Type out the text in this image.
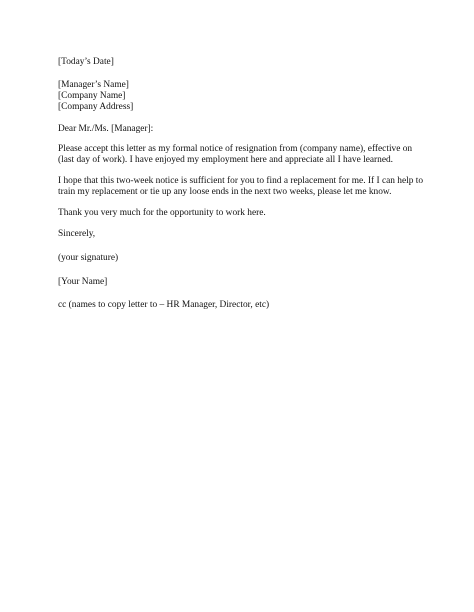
[Today’s Date]
[Manager’s Name]
[Company Name]
[Company Address]
Dear Mr./Ms. [Manager]:
Please accept this letter as my formal notice of resignation from (company name), effective on
(last day of work). I have enjoyed my employment here and appreciate all I have learned.
I hope that this two-week notice is sufficient for you to find a replacement for me. If I can help to
train my replacement or tie up any loose ends in the next two weeks, please let me know.
Thank you very much for the opportunity to work here.
Sincerely,
(your signature)
[Your Name]
cc (names to copy letter to – HR Manager, Director, etc)
